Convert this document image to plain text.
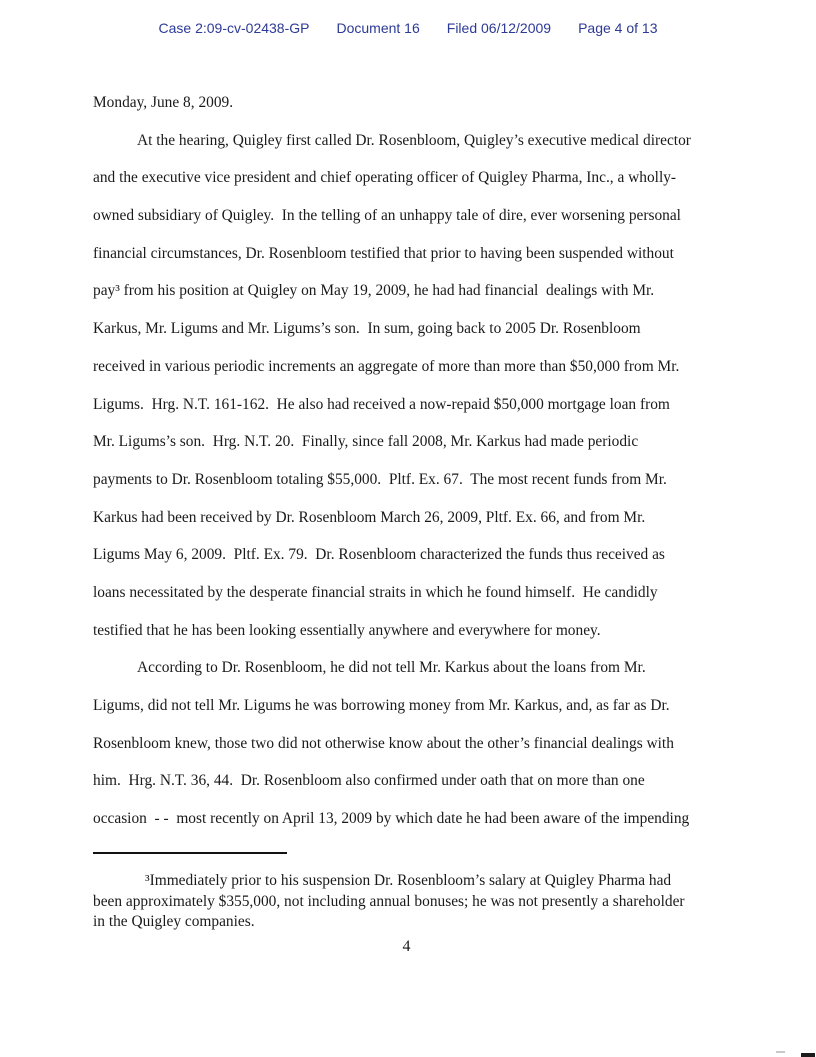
Case 2:09-cv-02438-GP Document 16 Filed 06/12/2009 Page 4 of 13
Monday, June 8, 2009.
At the hearing, Quigley first called Dr. Rosenbloom, Quigley’s executive medical director
and the executive vice president and chief operating officer of Quigley Pharma, Inc., a wholly-
owned subsidiary of Quigley.  In the telling of an unhappy tale of dire, ever worsening personal
financial circumstances, Dr. Rosenbloom testified that prior to having been suspended without
pay³ from his position at Quigley on May 19, 2009, he had had financial  dealings with Mr.
Karkus, Mr. Ligums and Mr. Ligums’s son.  In sum, going back to 2005 Dr. Rosenbloom
received in various periodic increments an aggregate of more than more than $50,000 from Mr.
Ligums.  Hrg. N.T. 161-162.  He also had received a now-repaid $50,000 mortgage loan from
Mr. Ligums’s son.  Hrg. N.T. 20.  Finally, since fall 2008, Mr. Karkus had made periodic
payments to Dr. Rosenbloom totaling $55,000.  Pltf. Ex. 67.  The most recent funds from Mr.
Karkus had been received by Dr. Rosenbloom March 26, 2009, Pltf. Ex. 66, and from Mr.
Ligums May 6, 2009.  Pltf. Ex. 79.  Dr. Rosenbloom characterized the funds thus received as
loans necessitated by the desperate financial straits in which he found himself.  He candidly
testified that he has been looking essentially anywhere and everywhere for money.
According to Dr. Rosenbloom, he did not tell Mr. Karkus about the loans from Mr.
Ligums, did not tell Mr. Ligums he was borrowing money from Mr. Karkus, and, as far as Dr.
Rosenbloom knew, those two did not otherwise know about the other’s financial dealings with
him.  Hrg. N.T. 36, 44.  Dr. Rosenbloom also confirmed under oath that on more than one
occasion  - -  most recently on April 13, 2009 by which date he had been aware of the impending
³Immediately prior to his suspension Dr. Rosenbloom’s salary at Quigley Pharma had
been approximately $355,000, not including annual bonuses; he was not presently a shareholder
in the Quigley companies.
4
